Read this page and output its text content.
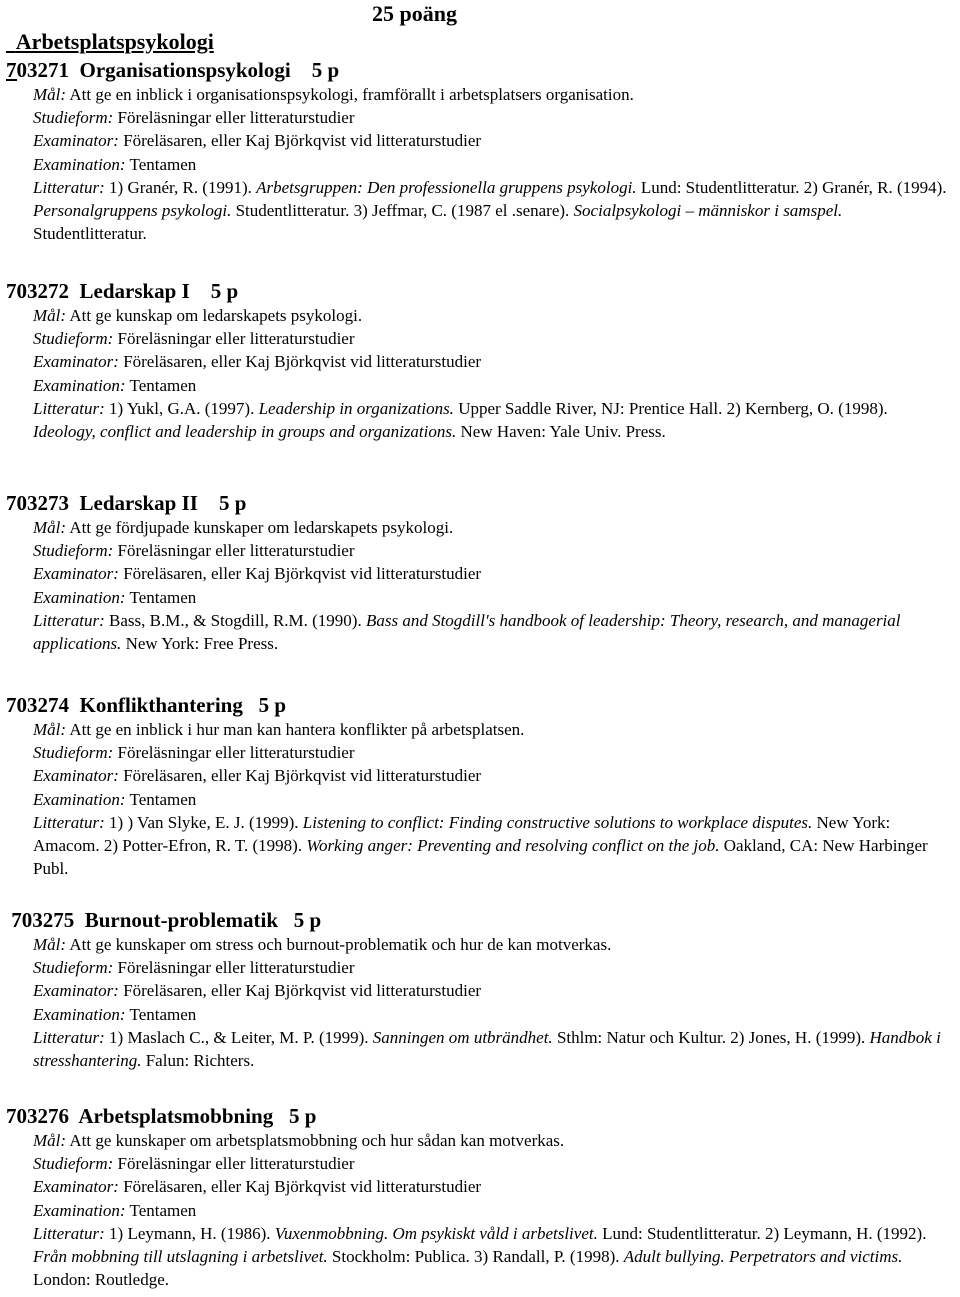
Arbetsplatspsykologi

25 poäng

703271  Organisationspsykologi    5 p

Mål: Att ge en inblick i organisationspsykologi, framförallt i arbetsplatsers organisation.

Studieform: Föreläsningar eller litteraturstudier

Examinator: Föreläsaren, eller Kaj Björkqvist vid litteraturstudier

Examination: Tentamen

Litteratur: 1) Granér, R. (1991). Arbetsgruppen: Den professionella gruppens psykologi. Lund: Studentlitteratur. 2) Granér, R. (1994). Personalgruppens psykologi. Studentlitteratur. 3) Jeffmar, C. (1987 el .senare). Socialpsykologi – människor i samspel. Studentlitteratur.

703272  Ledarskap I    5 p

Mål: Att ge kunskap om ledarskapets psykologi.

Studieform: Föreläsningar eller litteraturstudier

Examinator: Föreläsaren, eller Kaj Björkqvist vid litteraturstudier

Examination: Tentamen

Litteratur: 1) Yukl, G.A. (1997). Leadership in organizations. Upper Saddle River, NJ: Prentice Hall. 2) Kernberg, O. (1998). Ideology, conflict and leadership in groups and organizations. New Haven: Yale Univ. Press.

703273  Ledarskap II    5 p

Mål: Att ge fördjupade kunskaper om ledarskapets psykologi.

Studieform: Föreläsningar eller litteraturstudier

Examinator: Föreläsaren, eller Kaj Björkqvist vid litteraturstudier

Examination: Tentamen

Litteratur: Bass, B.M., & Stogdill, R.M. (1990). Bass and Stogdill's handbook of leadership: Theory, research, and managerial applications. New York: Free Press.

703274  Konflikthantering   5 p

Mål: Att ge en inblick i hur man kan hantera konflikter på arbetsplatsen.

Studieform: Föreläsningar eller litteraturstudier

Examinator: Föreläsaren, eller Kaj Björkqvist vid litteraturstudier

Examination: Tentamen

Litteratur: 1) ) Van Slyke, E. J. (1999). Listening to conflict: Finding constructive solutions to workplace disputes. New York: Amacom. 2) Potter-Efron, R. T. (1998). Working anger: Preventing and resolving conflict on the job. Oakland, CA: New Harbinger Publ.

703275  Burnout-problematik   5 p

Mål: Att ge kunskaper om stress och burnout-problematik och hur de kan motverkas.

Studieform: Föreläsningar eller litteraturstudier

Examinator: Föreläsaren, eller Kaj Björkqvist vid litteraturstudier

Examination: Tentamen

Litteratur: 1) Maslach C., & Leiter, M. P. (1999). Sanningen om utbrändhet. Sthlm: Natur och Kultur. 2) Jones, H. (1999). Handbok i stresshantering. Falun: Richters.

703276  Arbetsplatsmobbning   5 p

Mål: Att ge kunskaper om arbetsplatsmobbning och hur sådan kan motverkas.

Studieform: Föreläsningar eller litteraturstudier

Examinator: Föreläsaren, eller Kaj Björkqvist vid litteraturstudier

Examination: Tentamen

Litteratur: 1) Leymann, H. (1986). Vuxenmobbning. Om psykiskt våld i arbetslivet. Lund: Studentlitteratur. 2) Leymann, H. (1992). Från mobbning till utslagning i arbetslivet. Stockholm: Publica. 3) Randall, P. (1998). Adult bullying. Perpetrators and victims. London: Routledge.
